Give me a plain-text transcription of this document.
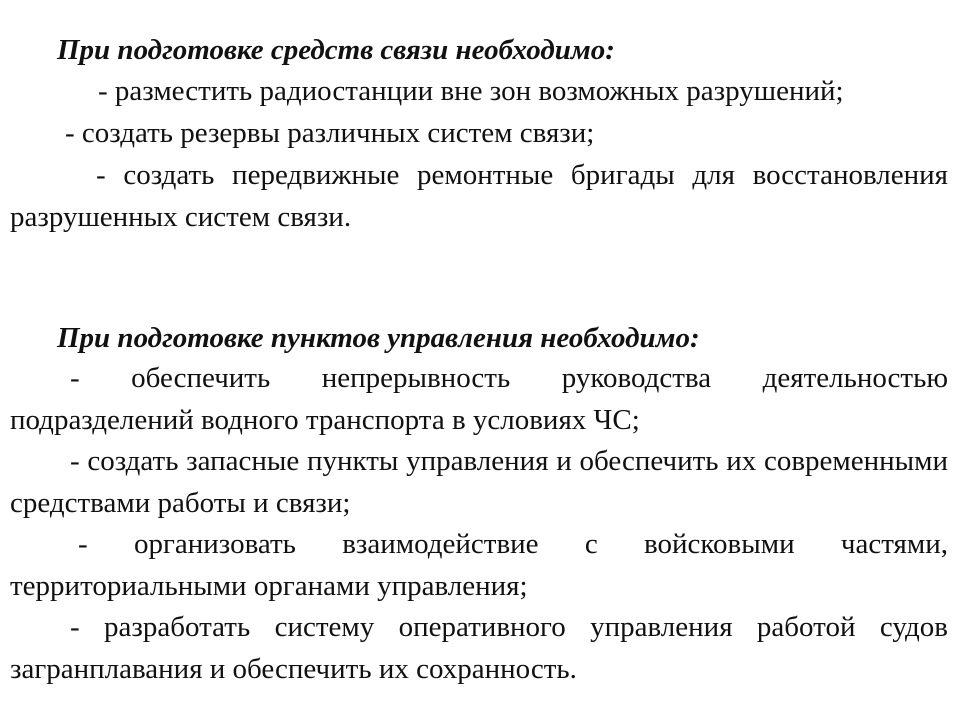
При подготовке средств связи необходимо:

- разместить радиостанции вне зон возможных разрушений;

- создать резервы различных систем связи;

- создать передвижные ремонтные бригады для восстановления разрушенных систем связи.

При подготовке пунктов управления необходимо:

- обеспечить непрерывность руководства деятельностью подразделений водного транспорта в условиях ЧС;

- создать запасные пункты управления и обеспечить их современными средствами работы и связи;

- организовать взаимодействие с войсковыми частями, территориальными органами управления;

- разработать систему оперативного управления работой судов загранплавания и обеспечить их сохранность.
